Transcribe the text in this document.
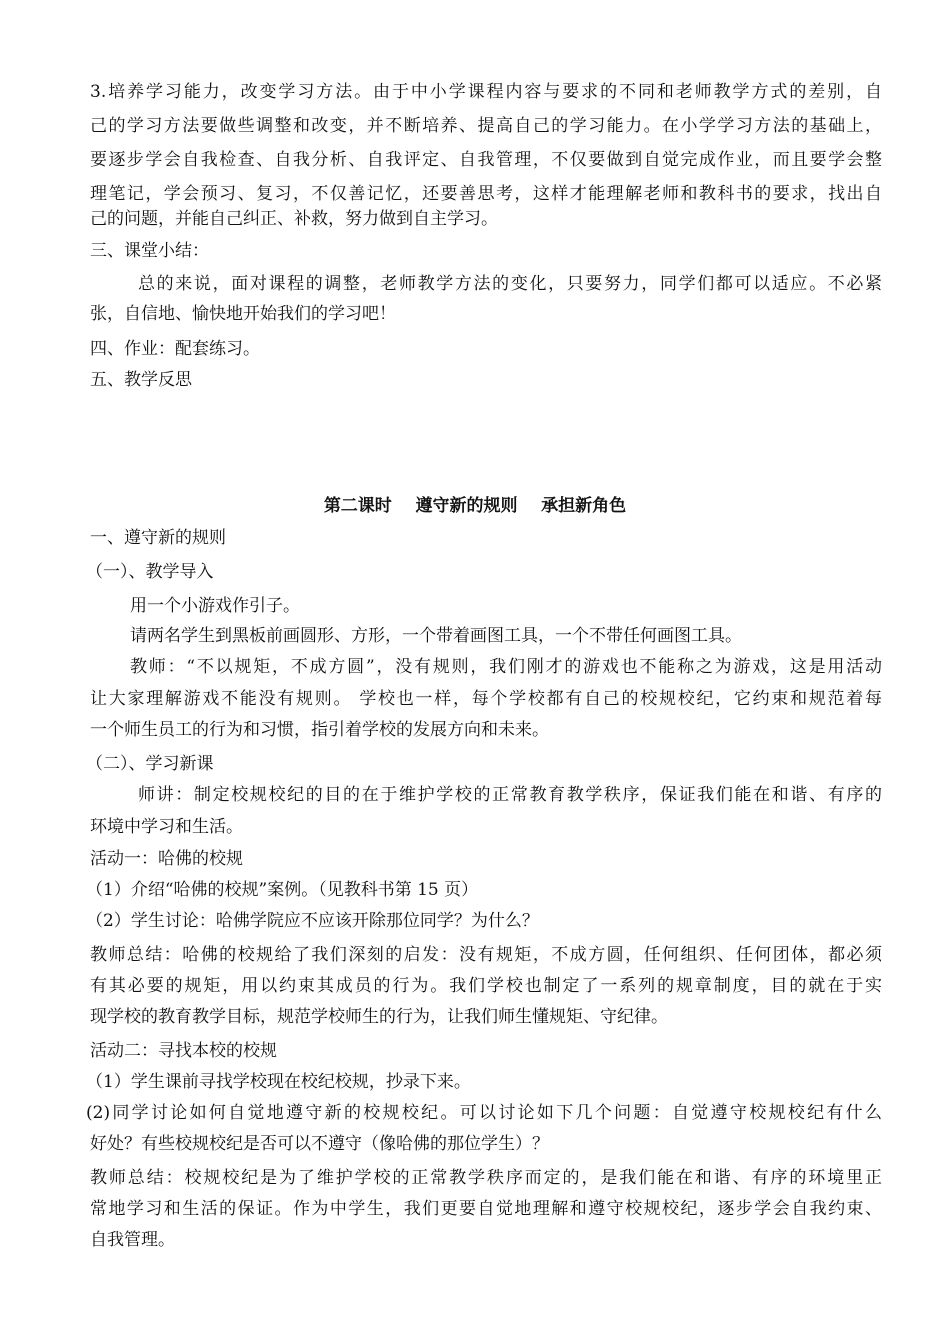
3.培养学习能力，改变学习方法。由于中小学课程内容与要求的不同和老师教学方式的差别，自
己的学习方法要做些调整和改变，并不断培养、提高自己的学习能力。在小学学习方法的基础上，
要逐步学会自我检查、自我分析、自我评定、自我管理，不仅要做到自觉完成作业，而且要学会整
理笔记，学会预习、复习，不仅善记忆，还要善思考，这样才能理解老师和教科书的要求，找出自
己的问题，并能自己纠正、补救，努力做到自主学习。
三、课堂小结：
总的来说，面对课程的调整，老师教学方法的变化，只要努力，同学们都可以适应。不必紧
张，自信地、愉快地开始我们的学习吧！
四、作业：配套练习。
五、教学反思
第二课时    遵守新的规则    承担新角色
一、遵守新的规则
（一）、教学导入
用一个小游戏作引子。
请两名学生到黑板前画圆形、方形，一个带着画图工具，一个不带任何画图工具。
教师：“不以规矩，不成方圆”，没有规则，我们刚才的游戏也不能称之为游戏，这是用活动
让大家理解游戏不能没有规则。 学校也一样，每个学校都有自己的校规校纪，它约束和规范着每
一个师生员工的行为和习惯，指引着学校的发展方向和未来。
（二）、学习新课
师讲：制定校规校纪的目的在于维护学校的正常教育教学秩序，保证我们能在和谐、有序的
环境中学习和生活。
活动一：哈佛的校规
（1）介绍“哈佛的校规”案例。（见教科书第 15 页）
（2）学生讨论：哈佛学院应不应该开除那位同学？为什么？
教师总结：哈佛的校规给了我们深刻的启发：没有规矩，不成方圆，任何组织、任何团体，都必须
有其必要的规矩，用以约束其成员的行为。我们学校也制定了一系列的规章制度，目的就在于实
现学校的教育教学目标，规范学校师生的行为，让我们师生懂规矩、守纪律。
活动二：寻找本校的校规
（1）学生课前寻找学校现在校纪校规，抄录下来。
(2)同学讨论如何自觉地遵守新的校规校纪。可以讨论如下几个问题：自觉遵守校规校纪有什么
好处？有些校规校纪是否可以不遵守（像哈佛的那位学生）？
教师总结：校规校纪是为了维护学校的正常教学秩序而定的，是我们能在和谐、有序的环境里正
常地学习和生活的保证。作为中学生，我们更要自觉地理解和遵守校规校纪，逐步学会自我约束、
自我管理。
